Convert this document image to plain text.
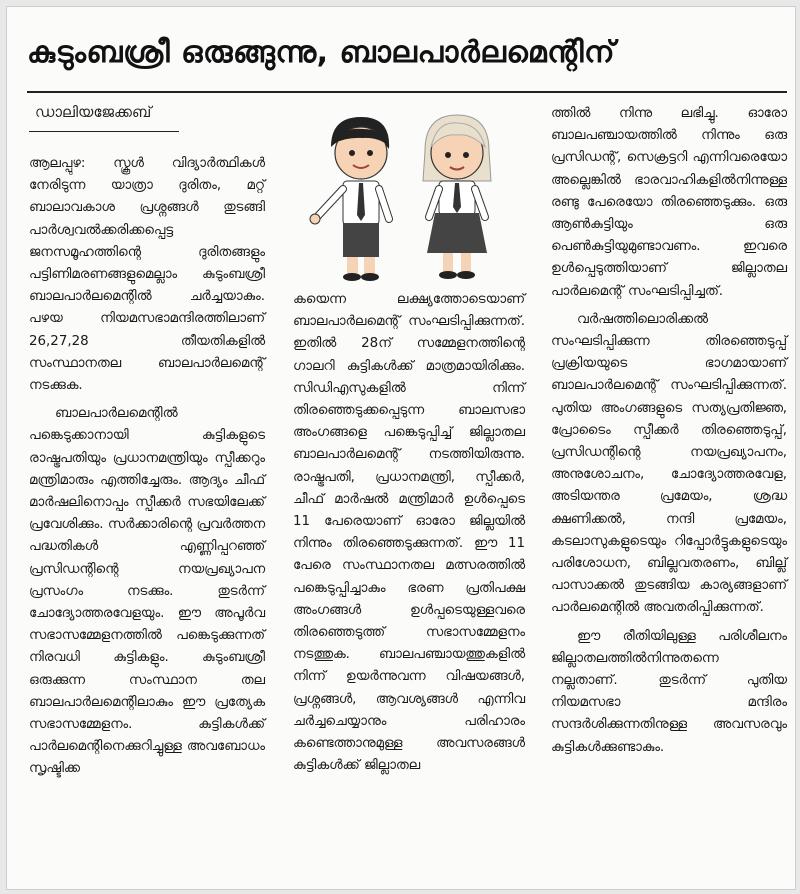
കുടുംബശ്രീ ഒരുങ്ങുന്നു, ബാലപാർലമെന്റിന്
ഡാലിയജേക്കബ്

ആലപ്പുഴ: സ്കൂൾ വിദ്യാർത്ഥികൾ നേരിടുന്ന യാത്രാ ദുരിതം, മറ്റ് ബാലാവകാശ പ്രശ്നങ്ങൾ തുടങ്ങി പാർശ്വവൽക്കരിക്കപ്പെട്ട ജനസമൂഹത്തിന്റെ ദുരിതങ്ങളും പട്ടിണിമരണങ്ങളുമെല്ലാം കുടുംബശ്രീ ബാലപാർലമെന്റിൽ ചർച്ചയാകും. പഴയ നിയമസഭാമന്ദിരത്തിലാണ് 26,27,28 തീയതികളിൽ സംസ്ഥാനതല ബാലപാർലമെന്റ് നടക്കുക.

ബാലപാർലമെന്റിൽ പങ്കെടുക്കാനായി കുട്ടികളുടെ രാഷ്ട്രപതിയും പ്രധാനമന്ത്രിയും സ്പീക്കറും മന്ത്രിമാരും എത്തിച്ചേരും. ആദ്യം ചീഫ് മാർഷലിനൊപ്പം സ്പീക്കർ സഭയിലേക്ക് പ്രവേശിക്കും. സർക്കാരിന്റെ പ്രവർത്തന പദ്ധതികൾ എണ്ണിപ്പറഞ്ഞ് പ്രസിഡന്റിന്റെ നയപ്രഖ്യാപന പ്രസംഗം നടക്കും. തുടർന്ന് ചോദ്യോത്തരവേളയും. ഈ അപൂർവ സഭാസമ്മേളനത്തിൽ പങ്കെടുക്കുന്നത് നിരവധി കുട്ടികളും. കുടുംബശ്രീ ഒരുക്കുന്ന സംസ്ഥാന തല ബാലപാർലമെന്റിലാകും ഈ പ്രത്യേക സഭാസമ്മേളനം. കുട്ടികൾക്ക് പാർലമെന്റിനെക്കുറിച്ചുള്ള അവബോധം സൃഷ്ടിക്ക

കയെന്ന ലക്ഷ്യത്തോടെയാണ് ബാലപാർലമെന്റ് സംഘടിപ്പിക്കുന്നത്. ഇതിൽ 28ന് സമ്മേളനത്തിന്റെ ഗാലറി കുട്ടികൾക്ക് മാത്രമായിരിക്കും. സിഡിഎസുകളിൽ നിന്ന് തിരഞ്ഞെടുക്കപ്പെടുന്ന ബാലസഭാ അംഗങ്ങളെ പങ്കെടുപ്പിച്ച് ജില്ലാതല ബാലപാർലമെന്റ് നടത്തിയിരുന്നു. രാഷ്ട്രപതി, പ്രധാനമന്ത്രി, സ്പീക്കർ, ചീഫ് മാർഷൽ മന്ത്രിമാർ ഉൾപ്പെടെ 11 പേരെയാണ് ഓരോ ജില്ലയിൽ നിന്നും തിരഞ്ഞെടുക്കുന്നത്. ഈ 11 പേരെ സംസ്ഥാനതല മത്സരത്തിൽ പങ്കെടുപ്പിച്ചാകും ഭരണ പ്രതിപക്ഷ അംഗങ്ങൾ ഉൾപ്പടെയുള്ളവരെ തിരഞ്ഞെടുത്ത് സഭാസമ്മേളനം നടത്തുക. ബാലപഞ്ചായത്തുകളിൽ നിന്ന് ഉയർന്നുവന്ന വിഷയങ്ങൾ, പ്രശ്നങ്ങൾ, ആവശ്യങ്ങൾ എന്നിവ ചർച്ചചെയ്യാനും പരിഹാരം കണ്ടെത്താനുമുള്ള അവസരങ്ങൾ കുട്ടികൾക്ക് ജില്ലാതല

ത്തിൽ നിന്നു ലഭിച്ചു. ഓരോ ബാലപഞ്ചായത്തിൽ നിന്നും ഒരു പ്രസിഡന്റ്, സെക്രട്ടറി എന്നിവരെയോ അല്ലെങ്കിൽ ഭാരവാഹികളിൽനിന്നുള്ള രണ്ടു പേരെയോ തിരഞ്ഞെടുക്കും. ഒരു ആൺകുട്ടിയും ഒരു പെൺകുട്ടിയുമുണ്ടാവണം. ഇവരെ ഉൾപ്പെടുത്തിയാണ് ജില്ലാതല പാർലമെന്റ് സംഘടിപ്പിച്ചത്.

വർഷത്തിലൊരിക്കൽ സംഘടിപ്പിക്കുന്ന തിരഞ്ഞെടുപ്പ് പ്രക്രിയയുടെ ഭാഗമായാണ് ബാലപാർലമെന്റ് സംഘടിപ്പിക്കുന്നത്. പുതിയ അംഗങ്ങളുടെ സത്യപ്രതിജ്ഞ, പ്രോടൈം സ്പീക്കർ തിരഞ്ഞെടുപ്പ്, പ്രസിഡന്റിന്റെ നയപ്രഖ്യാപനം, അനുശോചനം, ചോദ്യോത്തരവേള, അടിയന്തര പ്രമേയം, ശ്രദ്ധ ക്ഷണിക്കൽ, നന്ദി പ്രമേയം, കടലാസുകളുടെയും റിപ്പോർട്ടുകളുടെയും പരിശോധന, ബില്ലവതരണം, ബില്ല് പാസാക്കൽ തുടങ്ങിയ കാര്യങ്ങളാണ് പാർലമെന്റിൽ അവതരിപ്പിക്കുന്നത്.

ഈ രീതിയിലുള്ള പരിശീലനം ജില്ലാതലത്തിൽനിന്നുതന്നെ നല്ലതാണ്. തുടർന്ന് പുതിയ നിയമസഭാ മന്ദിരം സന്ദർശിക്കുന്നതിനുള്ള അവസരവും കുട്ടികൾക്കുണ്ടാകും.
